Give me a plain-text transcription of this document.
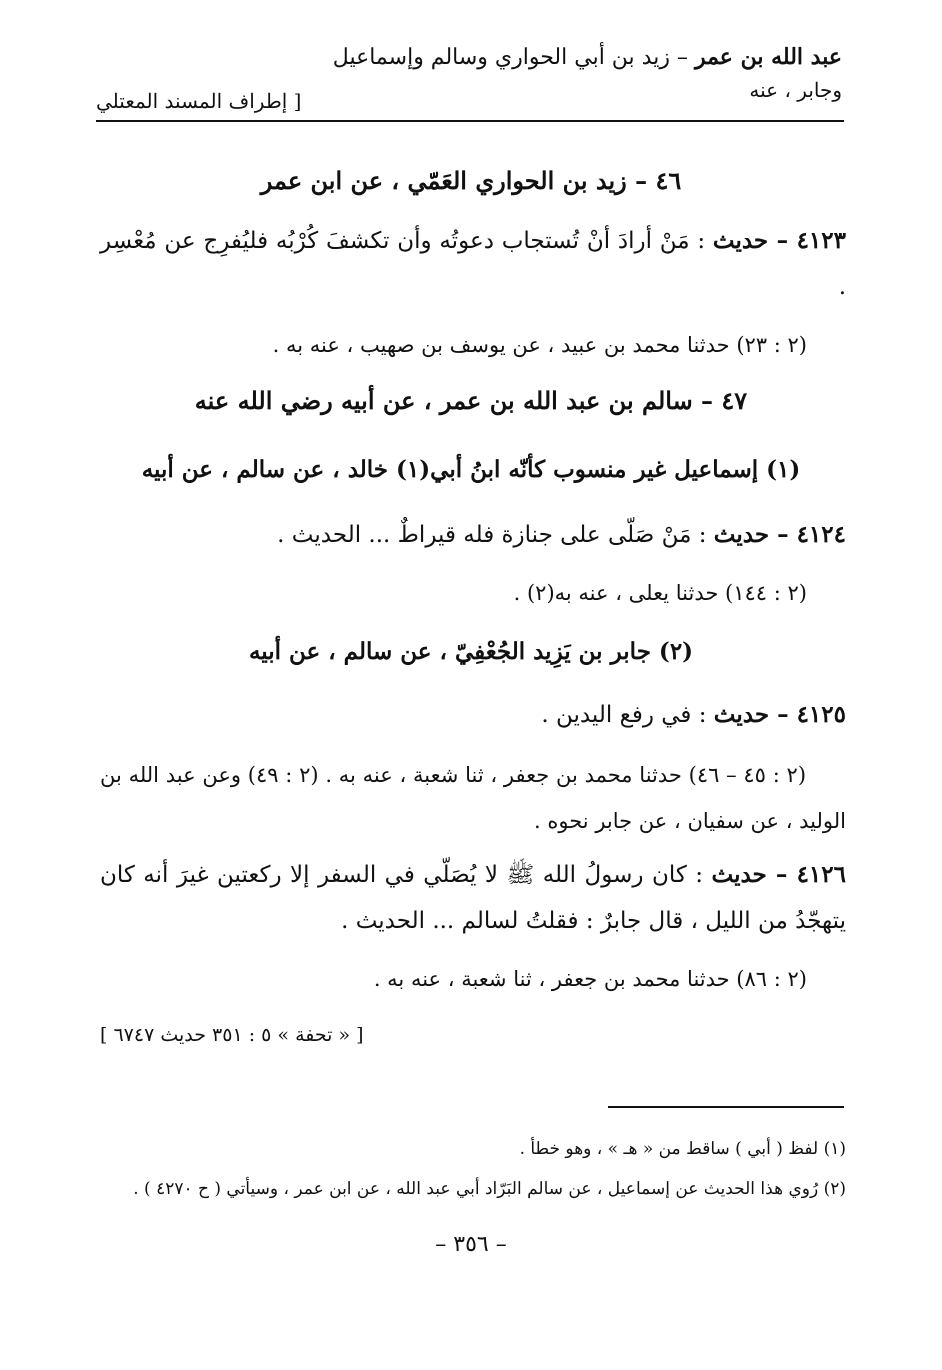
عبد الله بن عمر – زيد بن أبي الحواري وسالم وإسماعيل
وجابر ، عنه
[ إطراف المسند المعتلي
٤٦ – زيد بن الحواري العَمّي ، عن ابن عمر
٤١٢٣ – حديث : مَنْ أرادَ أنْ تُستجاب دعوتُه وأن تكشفَ كُرْبُه فليُفرِج عن مُعْسِر .
(٢ : ٢٣) حدثنا محمد بن عبيد ، عن يوسف بن صهيب ، عنه به .
٤٧ – سالم بن عبد الله بن عمر ، عن أبيه رضي الله عنه
(١) إسماعيل غير منسوب كأنّه ابنُ أبي(١) خالد ، عن سالم ، عن أبيه
٤١٢٤ – حديث : مَنْ صَلّى على جنازة فله قيراطٌ ... الحديث .
(٢ : ١٤٤) حدثنا يعلى ، عنه به(٢) .
(٢) جابر بن يَزِيد الجُعْفِيّ ، عن سالم ، عن أبيه
٤١٢٥ – حديث : في رفع اليدين .
(٢ : ٤٥ – ٤٦) حدثنا محمد بن جعفر ، ثنا شعبة ، عنه به . (٢ : ٤٩) وعن عبد الله بن الوليد ، عن سفيان ، عن جابر نحوه .
٤١٢٦ – حديث : كان رسولُ الله ﷺ لا يُصَلّي في السفر إلا ركعتين غيرَ أنه كان يتهجّدُ من الليل ، قال جابرٌ : فقلتُ لسالم ... الحديث .
(٢ : ٨٦) حدثنا محمد بن جعفر ، ثنا شعبة ، عنه به .
[ « تحفة » ٥ : ٣٥١ حديث ٦٧٤٧ ]
(١) لفظ ( أبي ) ساقط من « هـ » ، وهو خطأ .
(٢) رُوي هذا الحديث عن إسماعيل ، عن سالم البَرّاد أبي عبد الله ، عن ابن عمر ، وسيأتي ( ح ٤٢٧٠ ) .
– ٣٥٦ –
